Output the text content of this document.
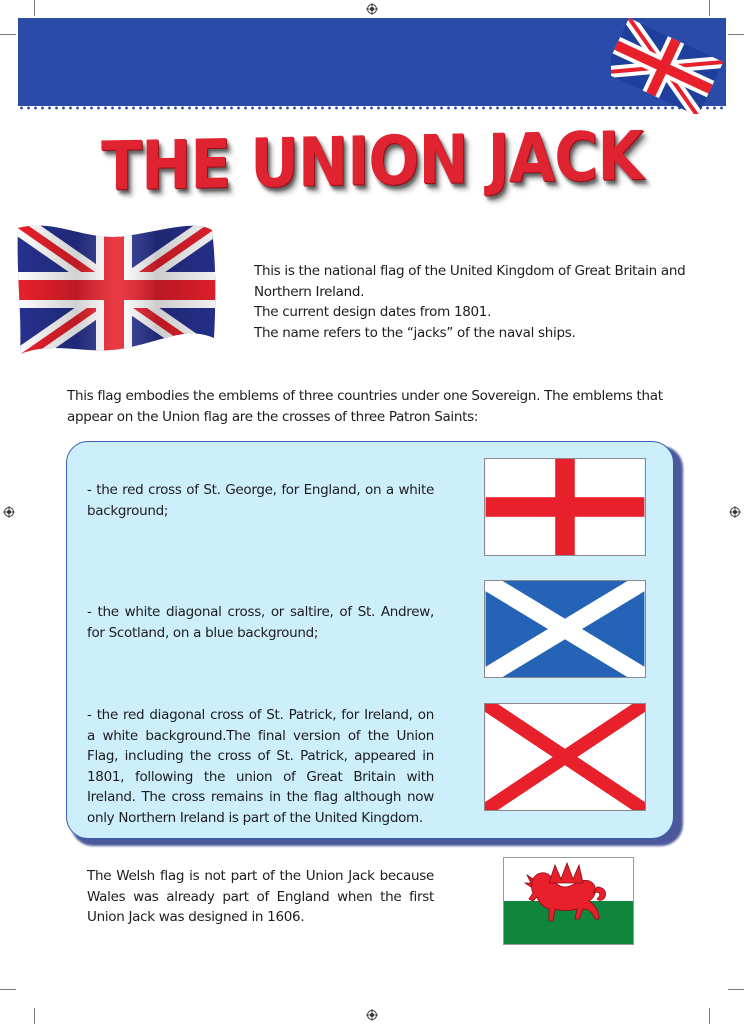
THE UNION JACK

This is the national flag of the United Kingdom of Great Britain and Northern Ireland.

The current design dates from 1801.

The name refers to the “jacks” of the naval ships.

This flag embodies the emblems of three countries under one Sovereign. The emblems that appear on the Union flag are the crosses of three Patron Saints:
- the red cross of St. George, for England, on a white background;
- the white diagonal cross, or saltire, of St. Andrew, for Scotland, on a blue background;
- the red diagonal cross of St. Patrick, for Ireland, on a white background.The final version of the Union Flag, including the cross of St. Patrick, appeared in 1801, following the union of Great Britain with Ireland. The cross remains in the flag although now only Northern Ireland is part of the United Kingdom.
The Welsh flag is not part of the Union Jack because Wales was already part of England when the first Union Jack was designed in 1606.
